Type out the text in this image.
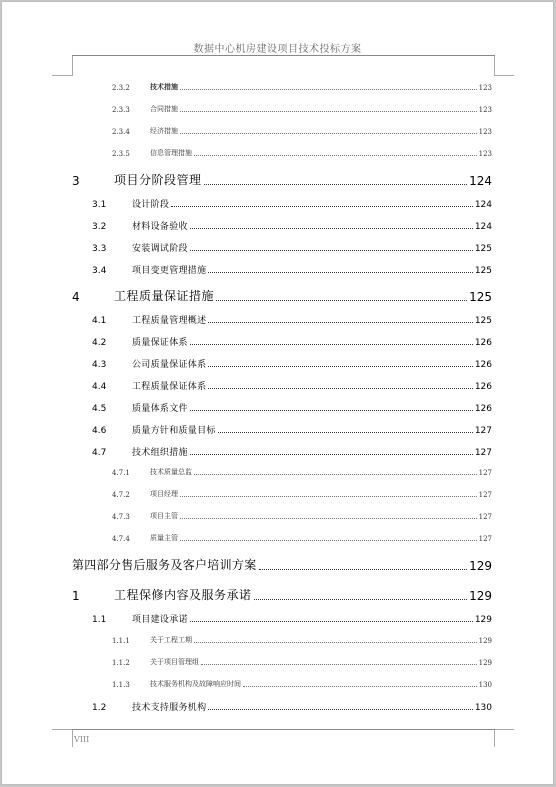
数据中心机房建设项目技术投标方案
2.3.2	技术措施	123
2.3.3	合同措施	123
2.3.4	经济措施	123
2.3.5	信息管理措施	123
3	项目分阶段管理	124
3.1	设计阶段	124
3.2	材料设备验收	124
3.3	安装调试阶段	125
3.4	项目变更管理措施	125
4	工程质量保证措施	125
4.1	工程质量管理概述	125
4.2	质量保证体系	126
4.3	公司质量保证体系	126
4.4	工程质量保证体系	126
4.5	质量体系文件	126
4.6	质量方针和质量目标	127
4.7	技术组织措施	127
4.7.1	技术质量总监	127
4.7.2	项目经理	127
4.7.3	项目主管	127
4.7.4	质量主管	127
第四部分售后服务及客户培训方案	129
1	工程保修内容及服务承诺	129
1.1	项目建设承诺	129
1.1.1	关于工程工期	129
1.1.2	关于项目管理组	129
1.1.3	技术服务机构及故障响应时间	130
1.2	技术支持服务机构	130
VIII
